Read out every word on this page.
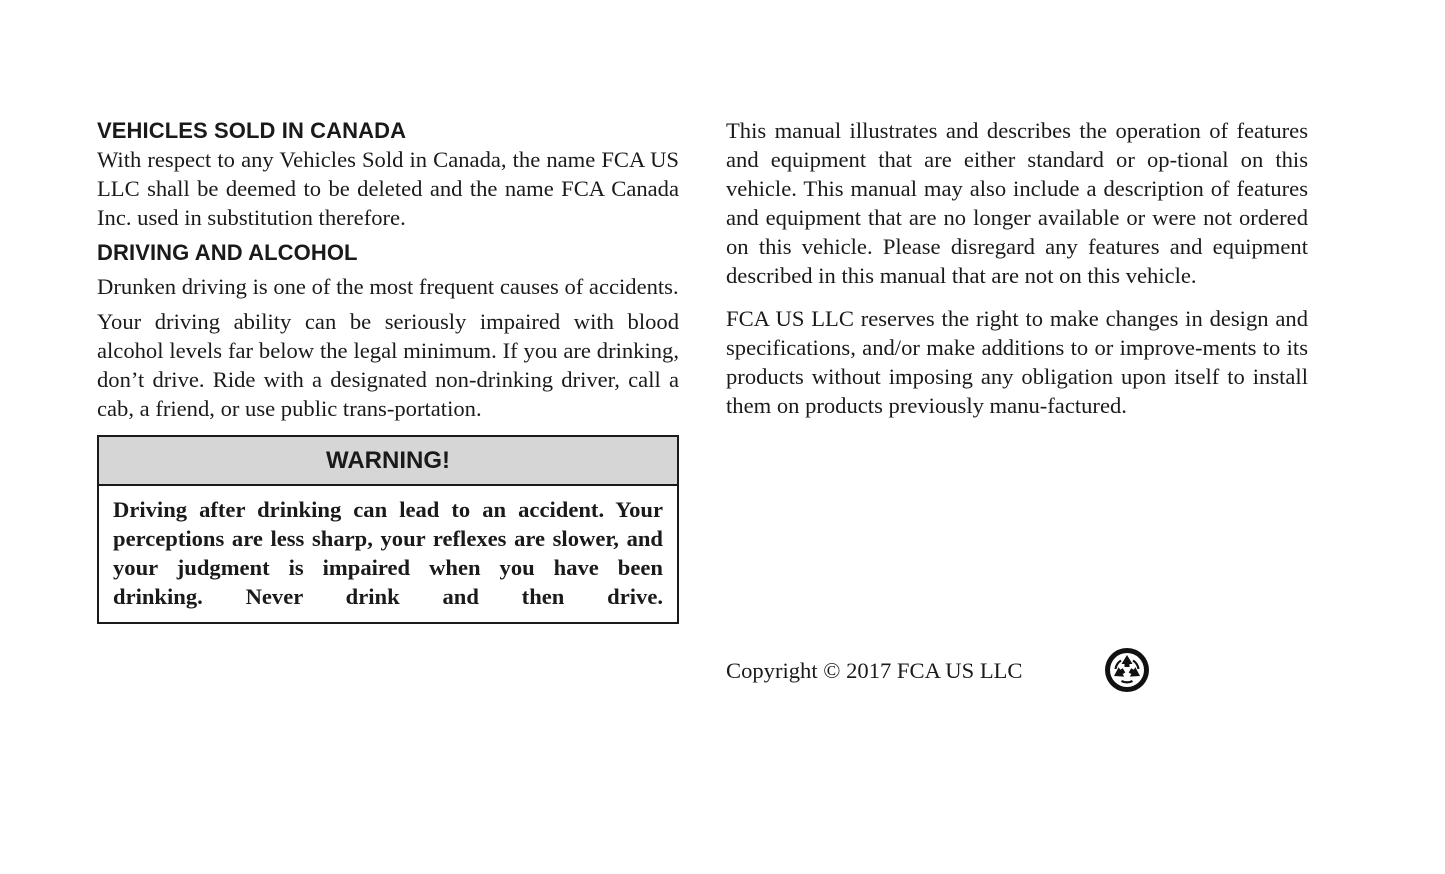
VEHICLES SOLD IN CANADA

With respect to any Vehicles Sold in Canada, the name FCA US LLC shall be deemed to be deleted and the name FCA Canada Inc. used in substitution therefore.

DRIVING AND ALCOHOL

Drunken driving is one of the most frequent causes of accidents.

Your driving ability can be seriously impaired with blood alcohol levels far below the legal minimum. If you are drinking, don’t drive. Ride with a designated non-drinking driver, call a cab, a friend, or use public trans-portation.

WARNING!
Driving after drinking can lead to an accident. Your perceptions are less sharp, your reflexes are slower, and your judgment is impaired when you have been drinking. Never drink and then drive.

This manual illustrates and describes the operation of features and equipment that are either standard or op-tional on this vehicle. This manual may also include a description of features and equipment that are no longer available or were not ordered on this vehicle. Please disregard any features and equipment described in this manual that are not on this vehicle.

FCA US LLC reserves the right to make changes in design and specifications, and/or make additions to or improve-ments to its products without imposing any obligation upon itself to install them on products previously manu-factured.

Copyright © 2017 FCA US LLC
